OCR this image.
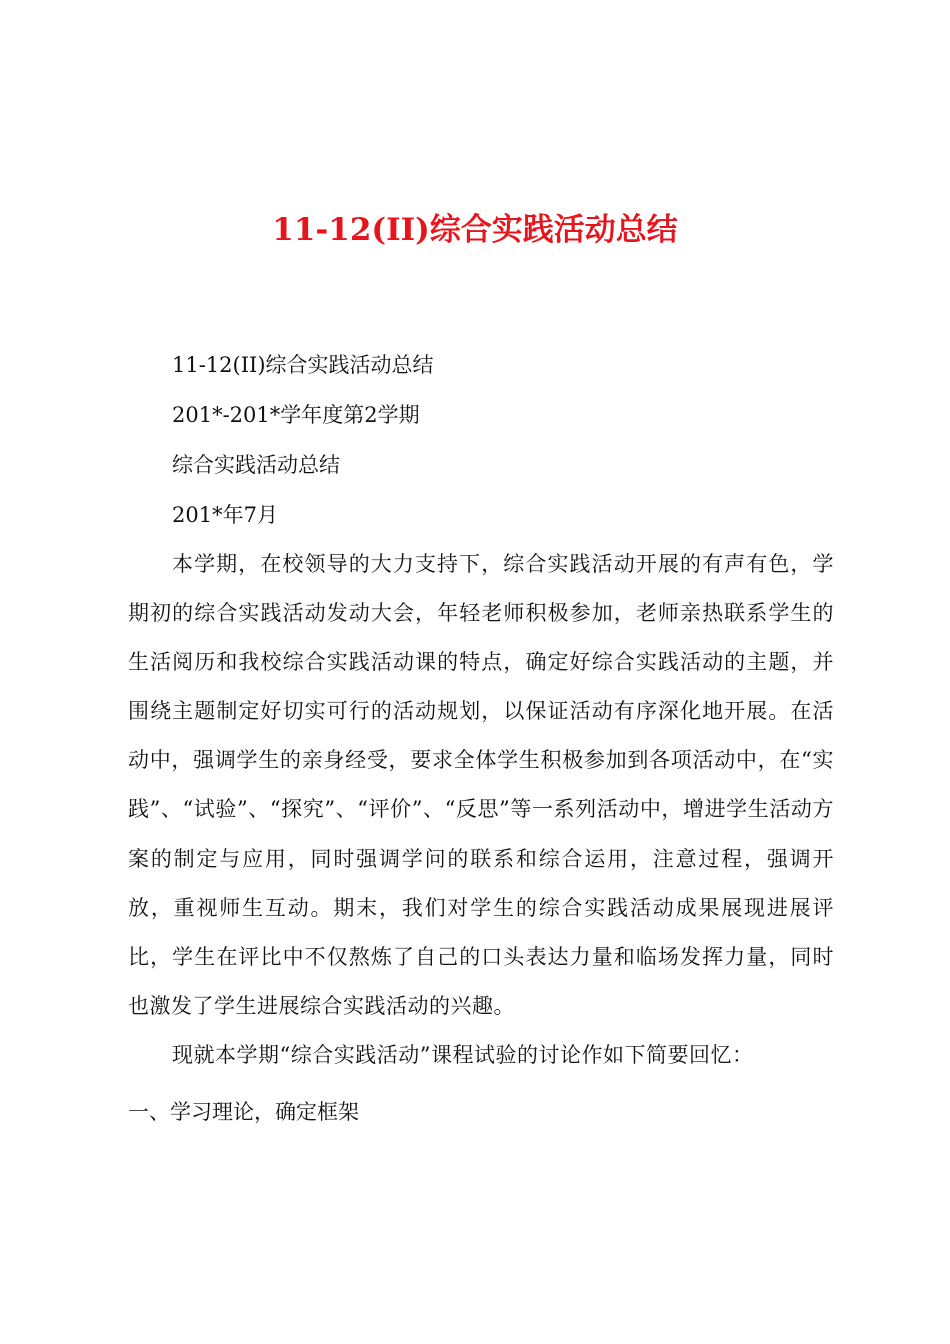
11-12(II)综合实践活动总结
11-12(II)综合实践活动总结
201*-201*学年度第2学期
综合实践活动总结
201*年7月

本学期，在校领导的大力支持下，综合实践活动开展的有声有色，学期初的综合实践活动发动大会，年轻老师积极参加，老师亲热联系学生的生活阅历和我校综合实践活动课的特点，确定好综合实践活动的主题，并围绕主题制定好切实可行的活动规划，以保证活动有序深化地开展。在活动中，强调学生的亲身经受，要求全体学生积极参加到各项活动中，在“实践”、“试验”、“探究”、“评价”、“反思”等一系列活动中，增进学生活动方案的制定与应用，同时强调学问的联系和综合运用，注意过程，强调开放，重视师生互动。期末，我们对学生的综合实践活动成果展现进展评比，学生在评比中不仅熬炼了自己的口头表达力量和临场发挥力量，同时也激发了学生进展综合实践活动的兴趣。

现就本学期“综合实践活动”课程试验的讨论作如下简要回忆：

一、学习理论，确定框架
